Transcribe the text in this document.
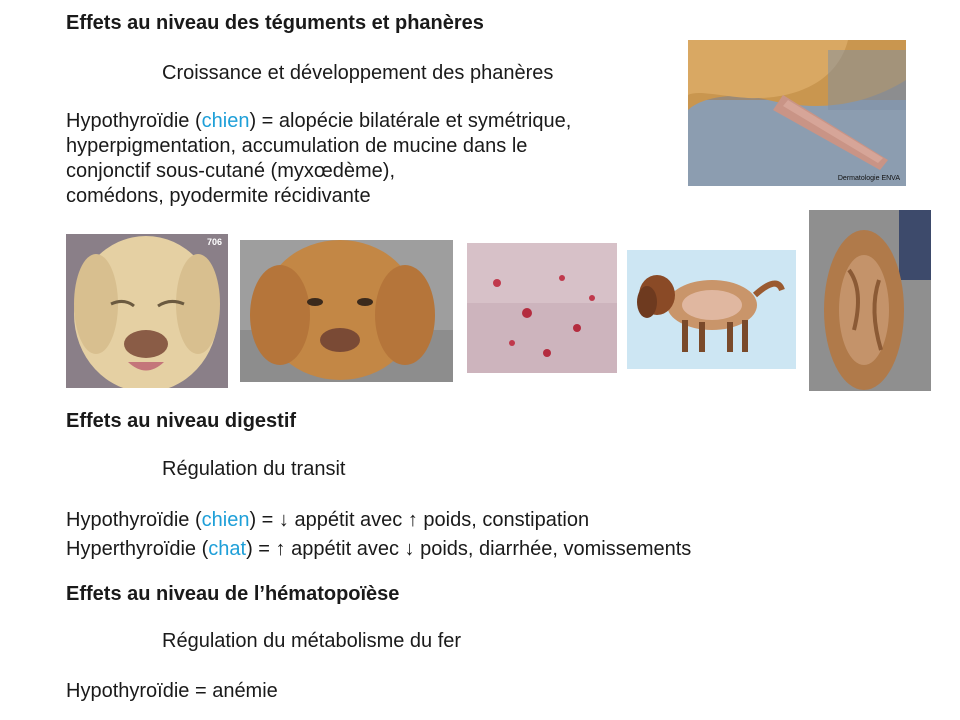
Effets au niveau des téguments et phanères
Croissance et développement des phanères
Hypothyroïdie (chien) = alopécie bilatérale et symétrique,
hyperpigmentation, accumulation de mucine dans le
conjonctif sous-cutané (myxœdème),
comédons, pyodermite récidivante
Dermatologie ENVA
706
Effets au niveau digestif
Régulation du transit
Hypothyroïdie (chien) = ↓ appétit avec ↑ poids, constipation
Hyperthyroïdie (chat) = ↑ appétit avec ↓ poids, diarrhée, vomissements
Effets au niveau de l’hématopoïèse
Régulation du métabolisme du fer
Hypothyroïdie = anémie
